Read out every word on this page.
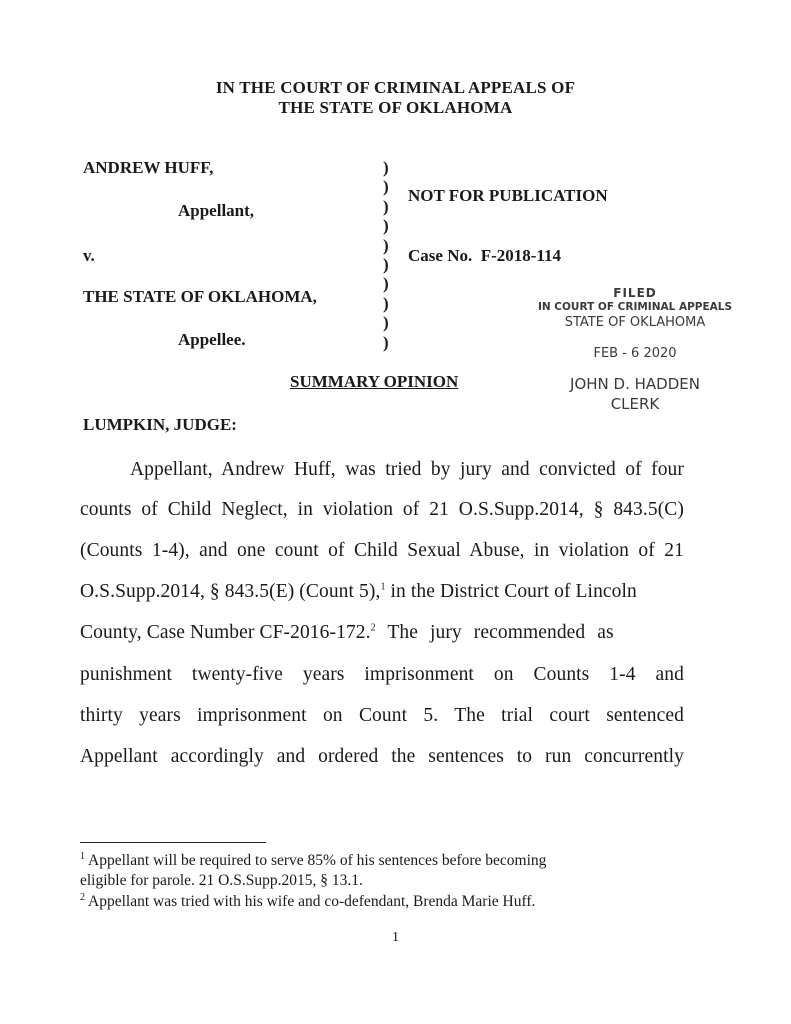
IN THE COURT OF CRIMINAL APPEALS OF
THE STATE OF OKLAHOMA
ANDREW HUFF,
Appellant,
v.
THE STATE OF OKLAHOMA,
Appellee.
)
)
)
)
)
)
)
)
)
)
NOT FOR PUBLICATION
Case No. F-2018-114
FILED
IN COURT OF CRIMINAL APPEALS
STATE OF OKLAHOMA
FEB - 6 2020
JOHN D. HADDEN
CLERK
SUMMARY OPINION
LUMPKIN, JUDGE:
Appellant, Andrew Huff, was tried by jury and convicted of four
counts of Child Neglect, in violation of 21 O.S.Supp.2014, § 843.5(C)
(Counts 1-4), and one count of Child Sexual Abuse, in violation of 21
O.S.Supp.2014, § 843.5(E) (Count 5),$^1$ in the District Court of Lincoln
County, Case Number CF-2016-172.$^2$ The jury recommended as
punishment twenty-five years imprisonment on Counts 1-4 and
thirty years imprisonment on Count 5. The trial court sentenced
Appellant accordingly and ordered the sentences to run concurrently
$^1$ Appellant will be required to serve 85% of his sentences before becoming
eligible for parole. 21 O.S.Supp.2015, § 13.1.
$^2$ Appellant was tried with his wife and co-defendant, Brenda Marie Huff.
1
